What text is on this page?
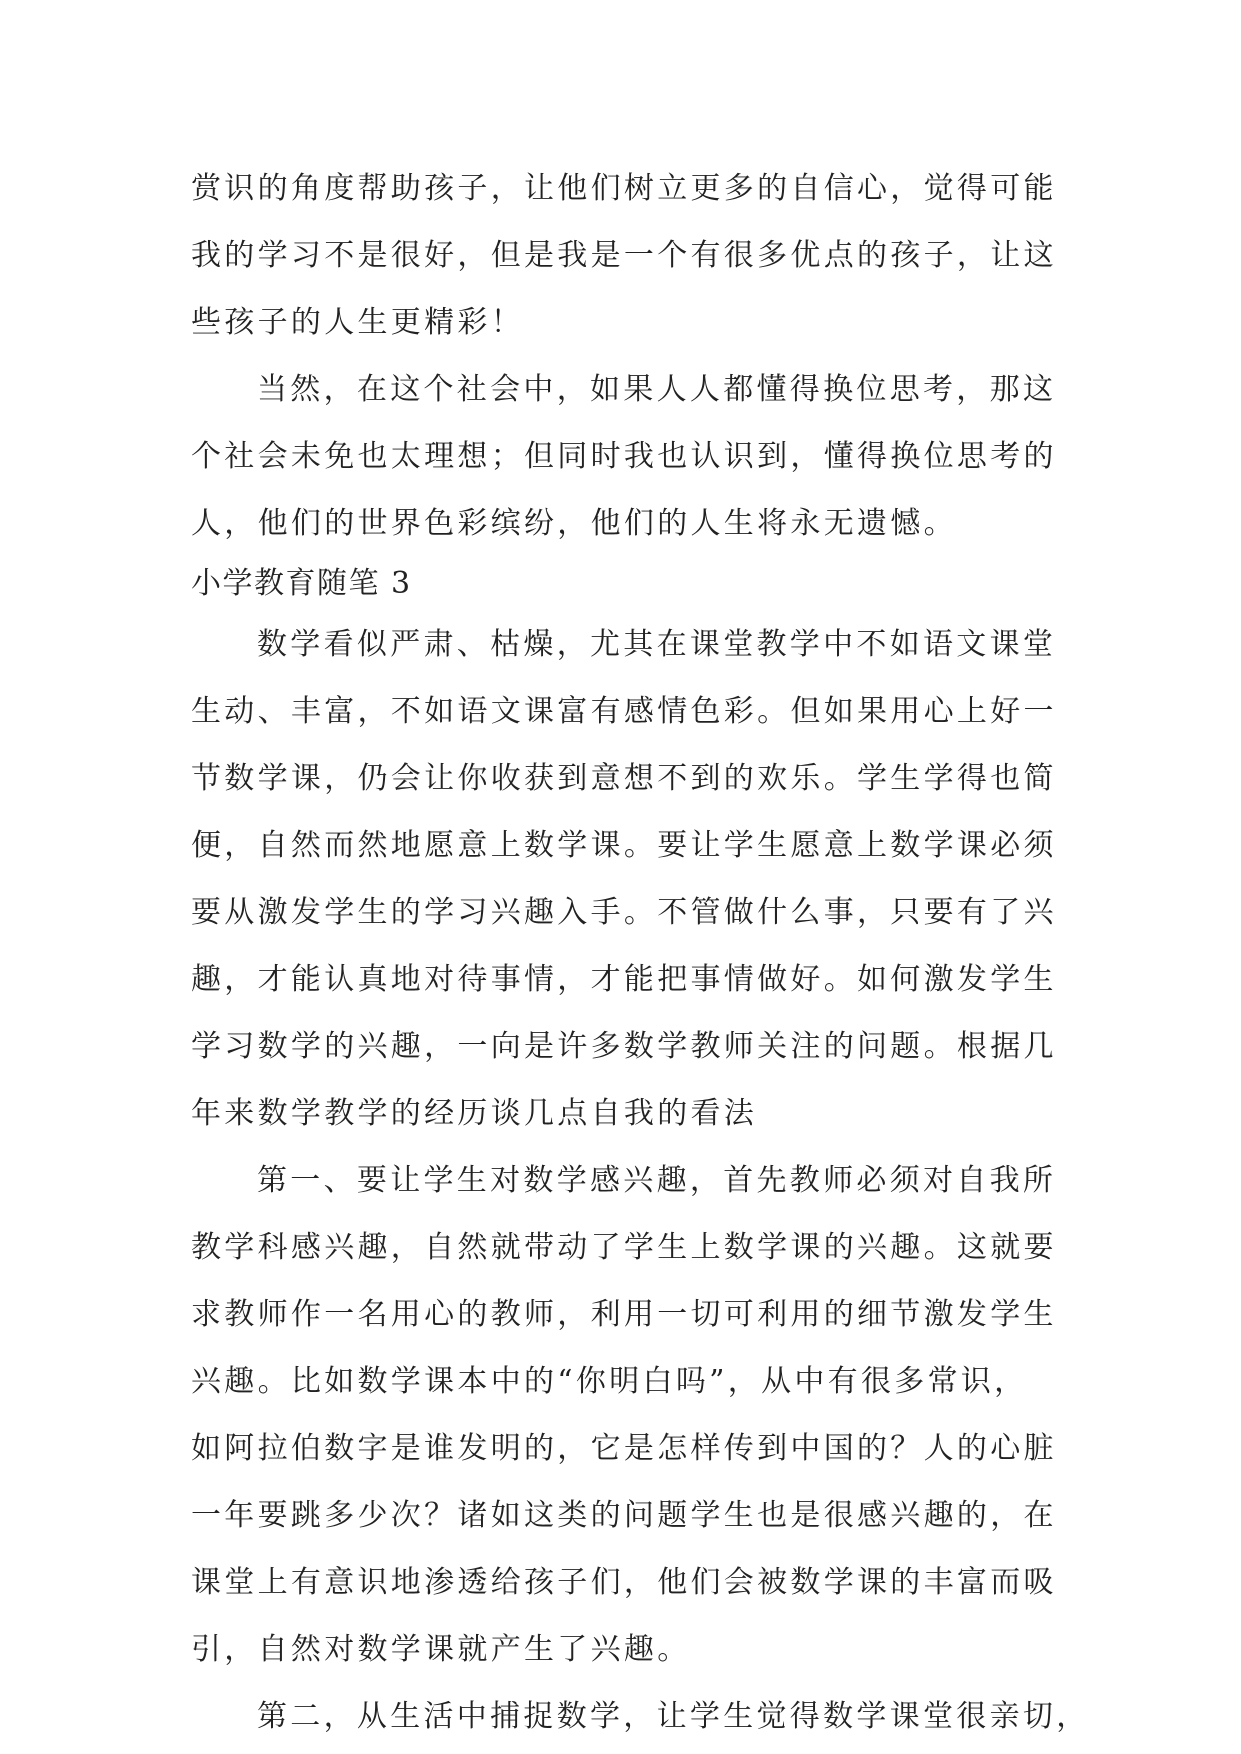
赏识的角度帮助孩子，让他们树立更多的自信心，觉得可能
我的学习不是很好，但是我是一个有很多优点的孩子，让这
些孩子的人生更精彩！
当然，在这个社会中，如果人人都懂得换位思考，那这
个社会未免也太理想；但同时我也认识到，懂得换位思考的
人，他们的世界色彩缤纷，他们的人生将永无遗憾。
小学教育随笔 3
数学看似严肃、枯燥，尤其在课堂教学中不如语文课堂
生动、丰富，不如语文课富有感情色彩。但如果用心上好一
节数学课，仍会让你收获到意想不到的欢乐。学生学得也简
便，自然而然地愿意上数学课。要让学生愿意上数学课必须
要从激发学生的学习兴趣入手。不管做什么事，只要有了兴
趣，才能认真地对待事情，才能把事情做好。如何激发学生
学习数学的兴趣，一向是许多数学教师关注的问题。根据几
年来数学教学的经历谈几点自我的看法
第一、要让学生对数学感兴趣，首先教师必须对自我所
教学科感兴趣，自然就带动了学生上数学课的兴趣。这就要
求教师作一名用心的教师，利用一切可利用的细节激发学生
兴趣。比如数学课本中的“你明白吗”，从中有很多常识，
如阿拉伯数字是谁发明的，它是怎样传到中国的？人的心脏
一年要跳多少次？诸如这类的问题学生也是很感兴趣的，在
课堂上有意识地渗透给孩子们，他们会被数学课的丰富而吸
引，自然对数学课就产生了兴趣。
第二，从生活中捕捉数学，让学生觉得数学课堂很亲切，
